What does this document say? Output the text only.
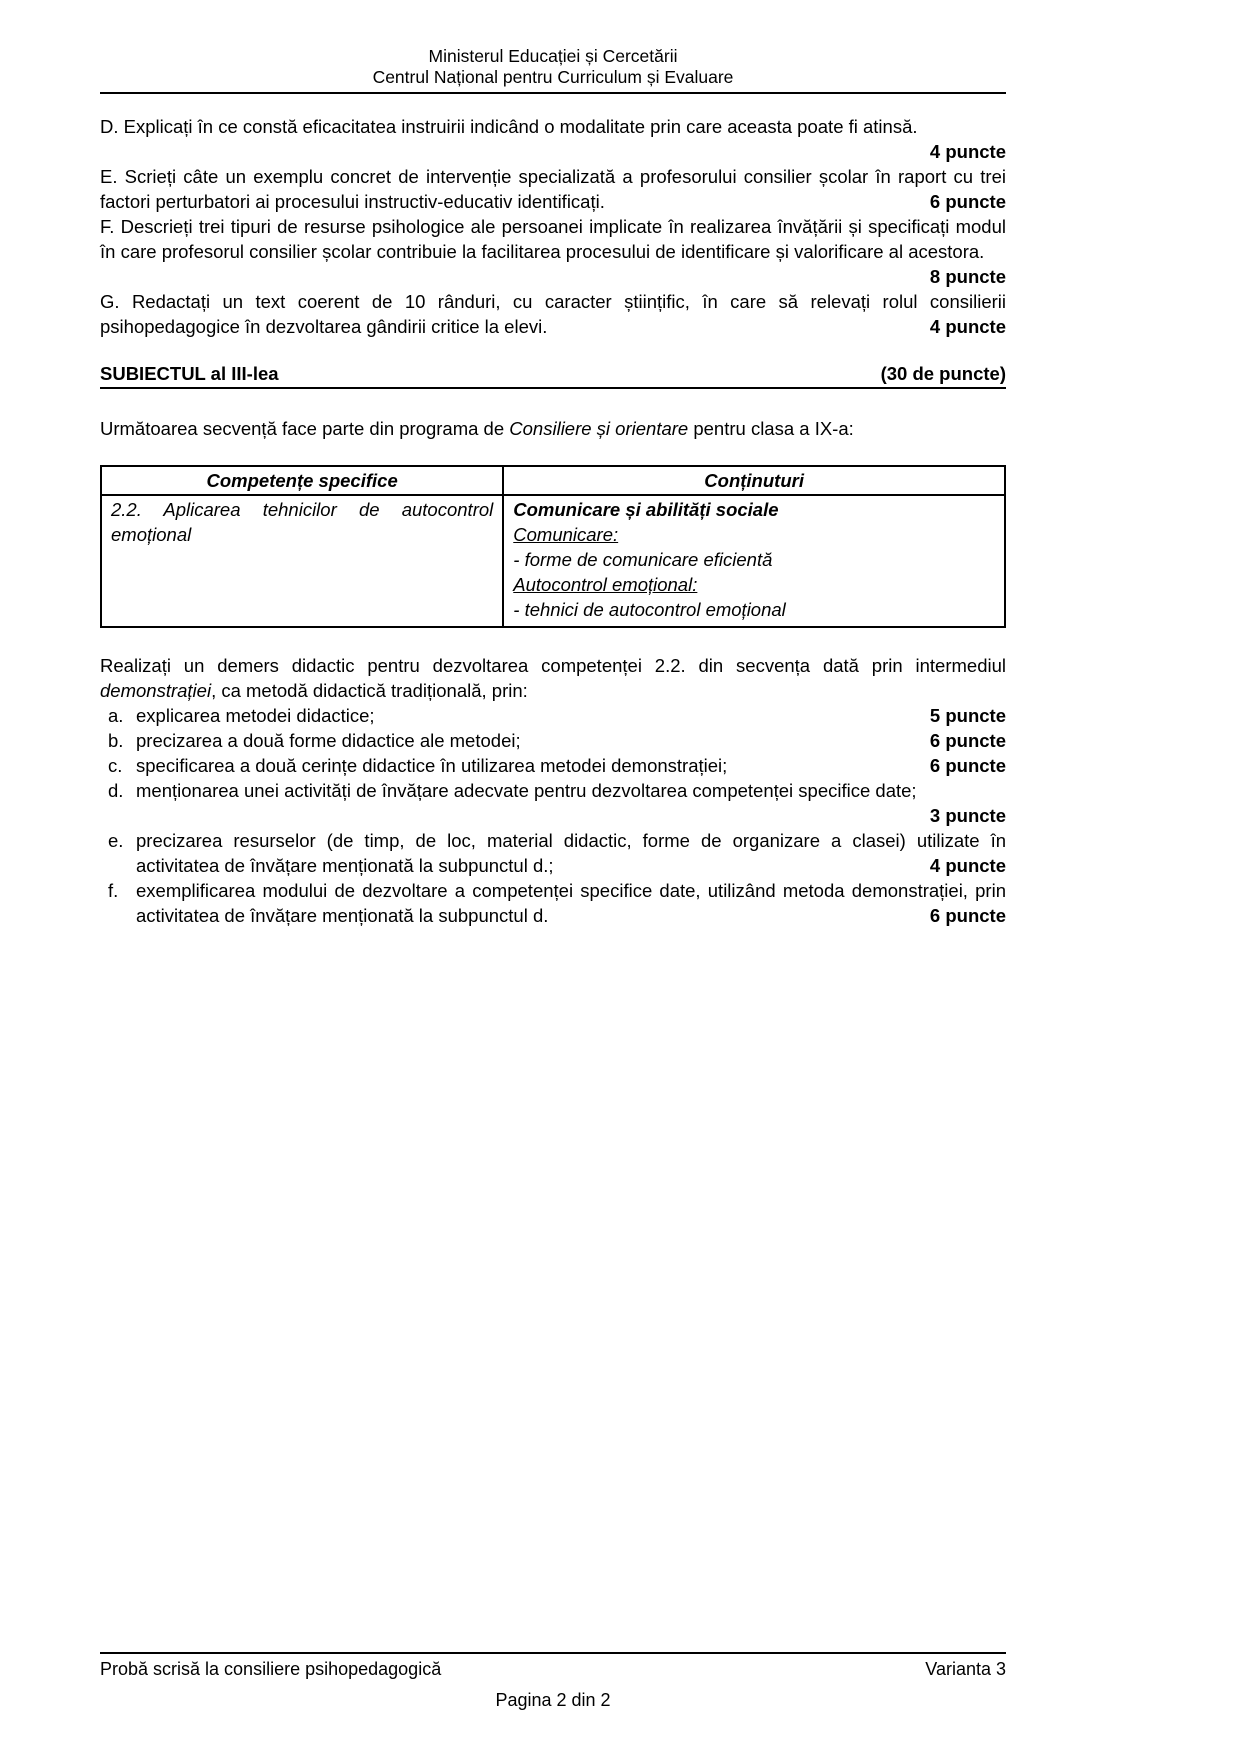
Ministerul Educației și Cercetării
Centrul Național pentru Curriculum și Evaluare
D. Explicați în ce constă eficacitatea instruirii indicând o modalitate prin care aceasta poate fi atinsă.
4 puncte
E. Scrieți câte un exemplu concret de intervenție specializată a profesorului consilier școlar în raport cu trei factori perturbatori ai procesului instructiv-educativ identificați.	6 puncte
F. Descrieți trei tipuri de resurse psihologice ale persoanei implicate în realizarea învățării și specificați modul în care profesorul consilier școlar contribuie la facilitarea procesului de identificare și valorificare al acestora.
8 puncte
G. Redactați un text coerent de 10 rânduri, cu caracter științific, în care să relevați rolul consilierii psihopedagogice în dezvoltarea gândirii critice la elevi.	4 puncte
SUBIECTUL al III-lea	(30 de puncte)
Următoarea secvență face parte din programa de Consiliere și orientare pentru clasa a IX-a:
Competențe specifice	Conținuturi
2.2. Aplicarea tehnicilor de autocontrol emoțional	Comunicare și abilități sociale
Comunicare:
- forme de comunicare eficientă
Autocontrol emoțional:
- tehnici de autocontrol emoțional
Realizați un demers didactic pentru dezvoltarea competenței 2.2. din secvența dată prin intermediul demonstrației, ca metodă didactică tradițională, prin:
a. explicarea metodei didactice;	5 puncte
b. precizarea a două forme didactice ale metodei;	6 puncte
c. specificarea a două cerințe didactice în utilizarea metodei demonstrației;	6 puncte
d. menționarea unei activități de învățare adecvate pentru dezvoltarea competenței specifice date;
3 puncte
e. precizarea resurselor (de timp, de loc, material didactic, forme de organizare a clasei) utilizate în activitatea de învățare menționată la subpunctul d.;	4 puncte
f. exemplificarea modului de dezvoltare a competenței specifice date, utilizând metoda demonstrației, prin activitatea de învățare menționată la subpunctul d.	6 puncte
Probă scrisă la consiliere psihopedagogică	Varianta 3
Pagina 2 din 2
